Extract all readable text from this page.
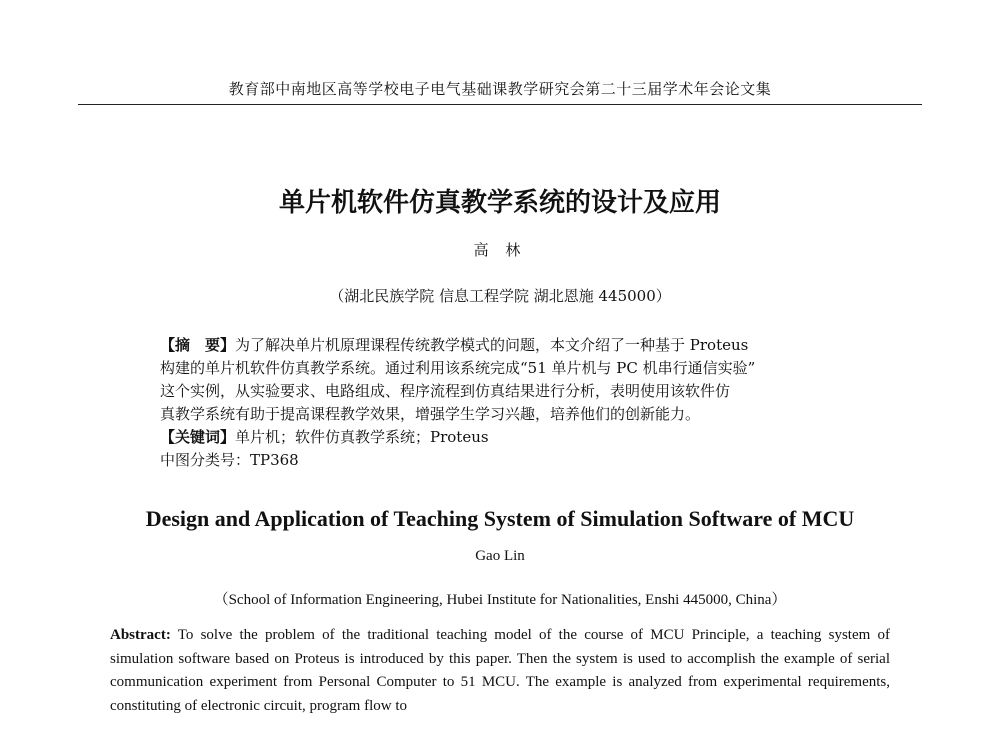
教育部中南地区高等学校电子电气基础课教学研究会第二十三届学术年会论文集
单片机软件仿真教学系统的设计及应用
高 林
（湖北民族学院 信息工程学院 湖北恩施 445000）

【摘　要】为了解决单片机原理课程传统教学模式的问题，本文介绍了一种基于 Proteus

构建的单片机软件仿真教学系统。通过利用该系统完成“51 单片机与 PC 机串行通信实验”

这个实例，从实验要求、电路组成、程序流程到仿真结果进行分析，表明使用该软件仿

真教学系统有助于提高课程教学效果，增强学生学习兴趣，培养他们的创新能力。

【关键词】单片机；软件仿真教学系统；Proteus

中图分类号：TP368

Design and Application of Teaching System of Simulation Software of MCU
Gao Lin
（School of Information Engineering, Hubei Institute for Nationalities, Enshi 445000, China）
Abstract: To solve the problem of the traditional teaching model of the course of MCU Principle, a teaching system of simulation software based on Proteus is introduced by this paper. Then the system is used to accomplish the example of serial communication experiment from Personal Computer to 51 MCU. The example is analyzed from experimental requirements, constituting of electronic circuit, program flow to
